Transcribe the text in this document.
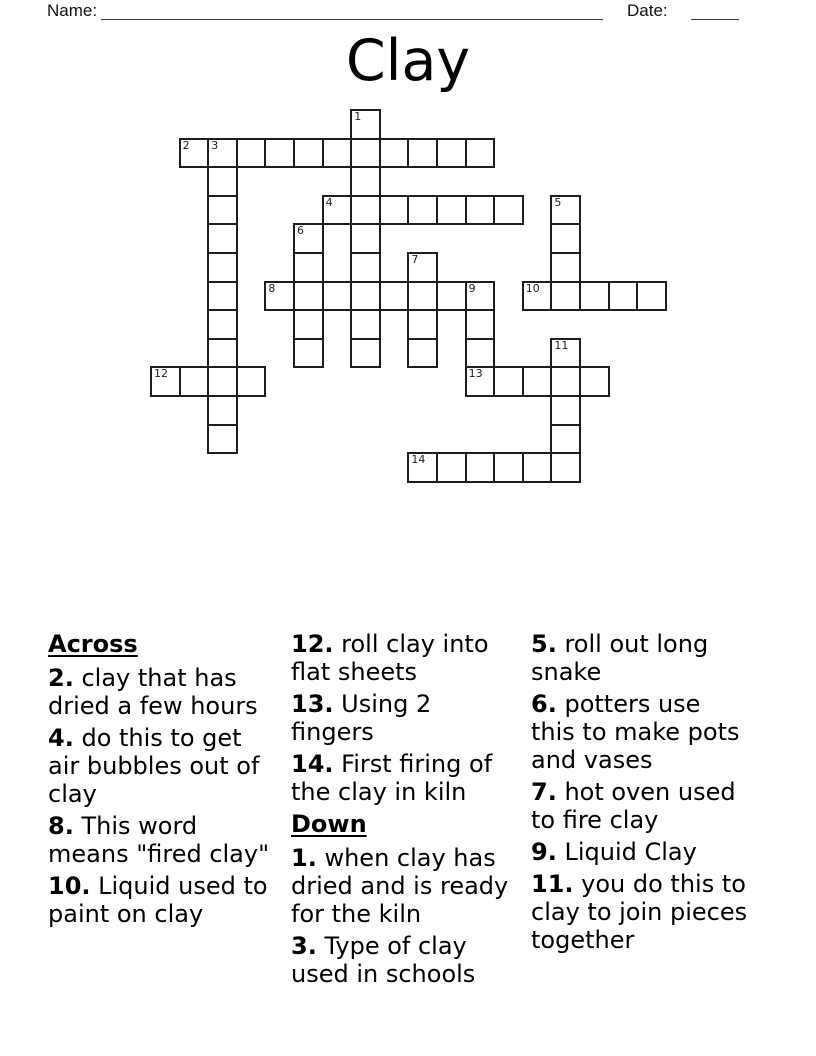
Name:	Date:
Clay
1
2 3
4	5
6
7
8	9
13
10
11
12
14
Across
2. clay that has dried a few hours
4. do this to get air bubbles out of clay
8. This word means "fired clay"
10. Liquid used to paint on clay
12. roll clay into flat sheets
13. Using 2 fingers
14. First firing of the clay in kiln
Down
1. when clay has dried and is ready for the kiln
3. Type of clay used in schools
5. roll out long snake
6. potters use this to make pots and vases
7. hot oven used to fire clay
9. Liquid Clay
11. you do this to clay to join pieces together
